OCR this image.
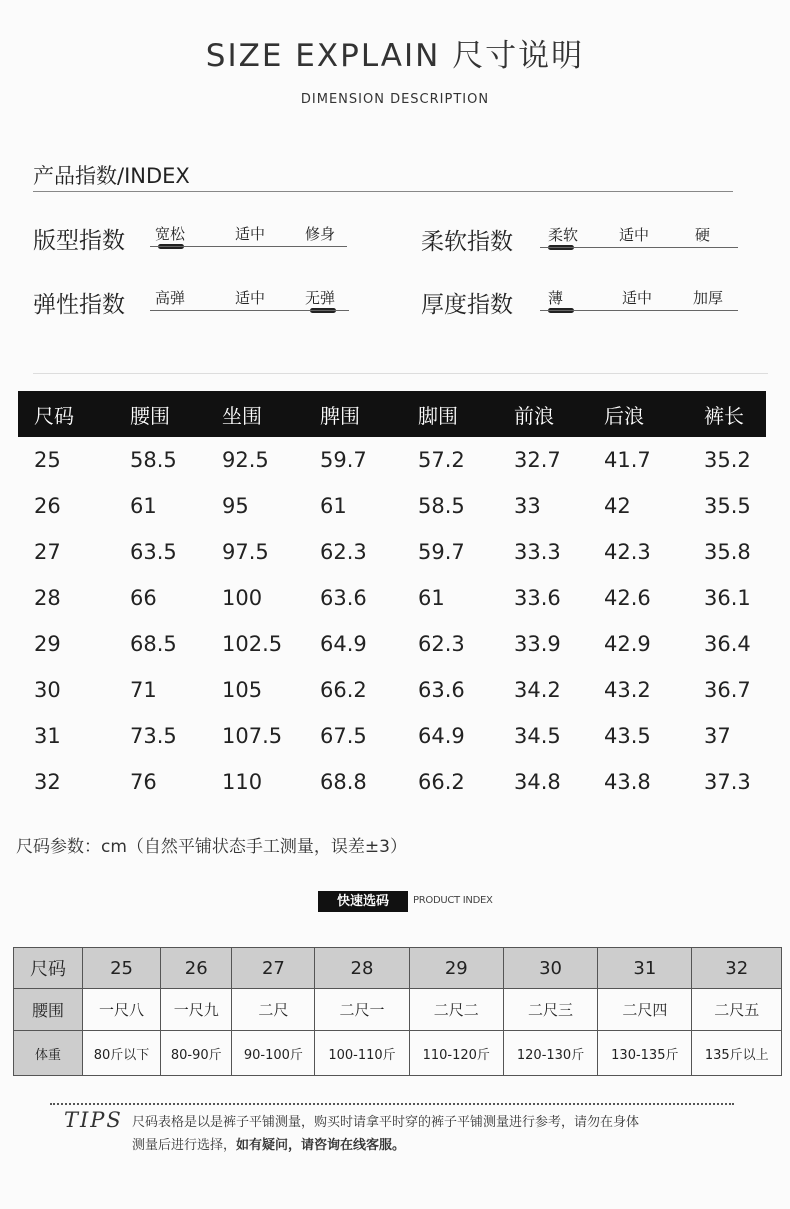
SIZE EXPLAIN 尺寸说明
DIMENSION DESCRIPTION
产品指数/INDEX
版型指数 宽松	适中	修身	柔软指数 柔软	适中	硬
弹性指数 高弹	适中	无弹	厚度指数 薄	适中	加厚
尺码	腰围	坐围	脾围	脚围	前浪	后浪	裤长
25	58.5	92.5	59.7	57.2	32.7	41.7	35.2
26	61	95	61	58.5	33	42	35.5
27	63.5	97.5	62.3	59.7	33.3	42.3	35.8
28	66	100	63.6	61	33.6	42.6	36.1
29	68.5	102.5	64.9	62.3	33.9	42.9	36.4
30	71	105	66.2	63.6	34.2	43.2	36.7
31	73.5	107.5	67.5	64.9	34.5	43.5	37
32	76	110	68.8	66.2	34.8	43.8	37.3
尺码参数：cm（自然平铺状态手工测量，误差±3）
快速选码	PRODUCT INDEX
尺码	25	26	27	28	29	30	31	32
腰围	一尺八	一尺九	二尺	二尺一	二尺二	二尺三	二尺四	二尺五
体重	80斤以下	80-90斤	90-100斤	100-110斤	110-120斤	120-130斤	130-135斤	135斤以上
TIPS 尺码表格是以是裤子平铺测量，购买时请拿平时穿的裤子平铺测量进行参考，请勿在身体
测量后进行选择，如有疑问，请咨询在线客服。
